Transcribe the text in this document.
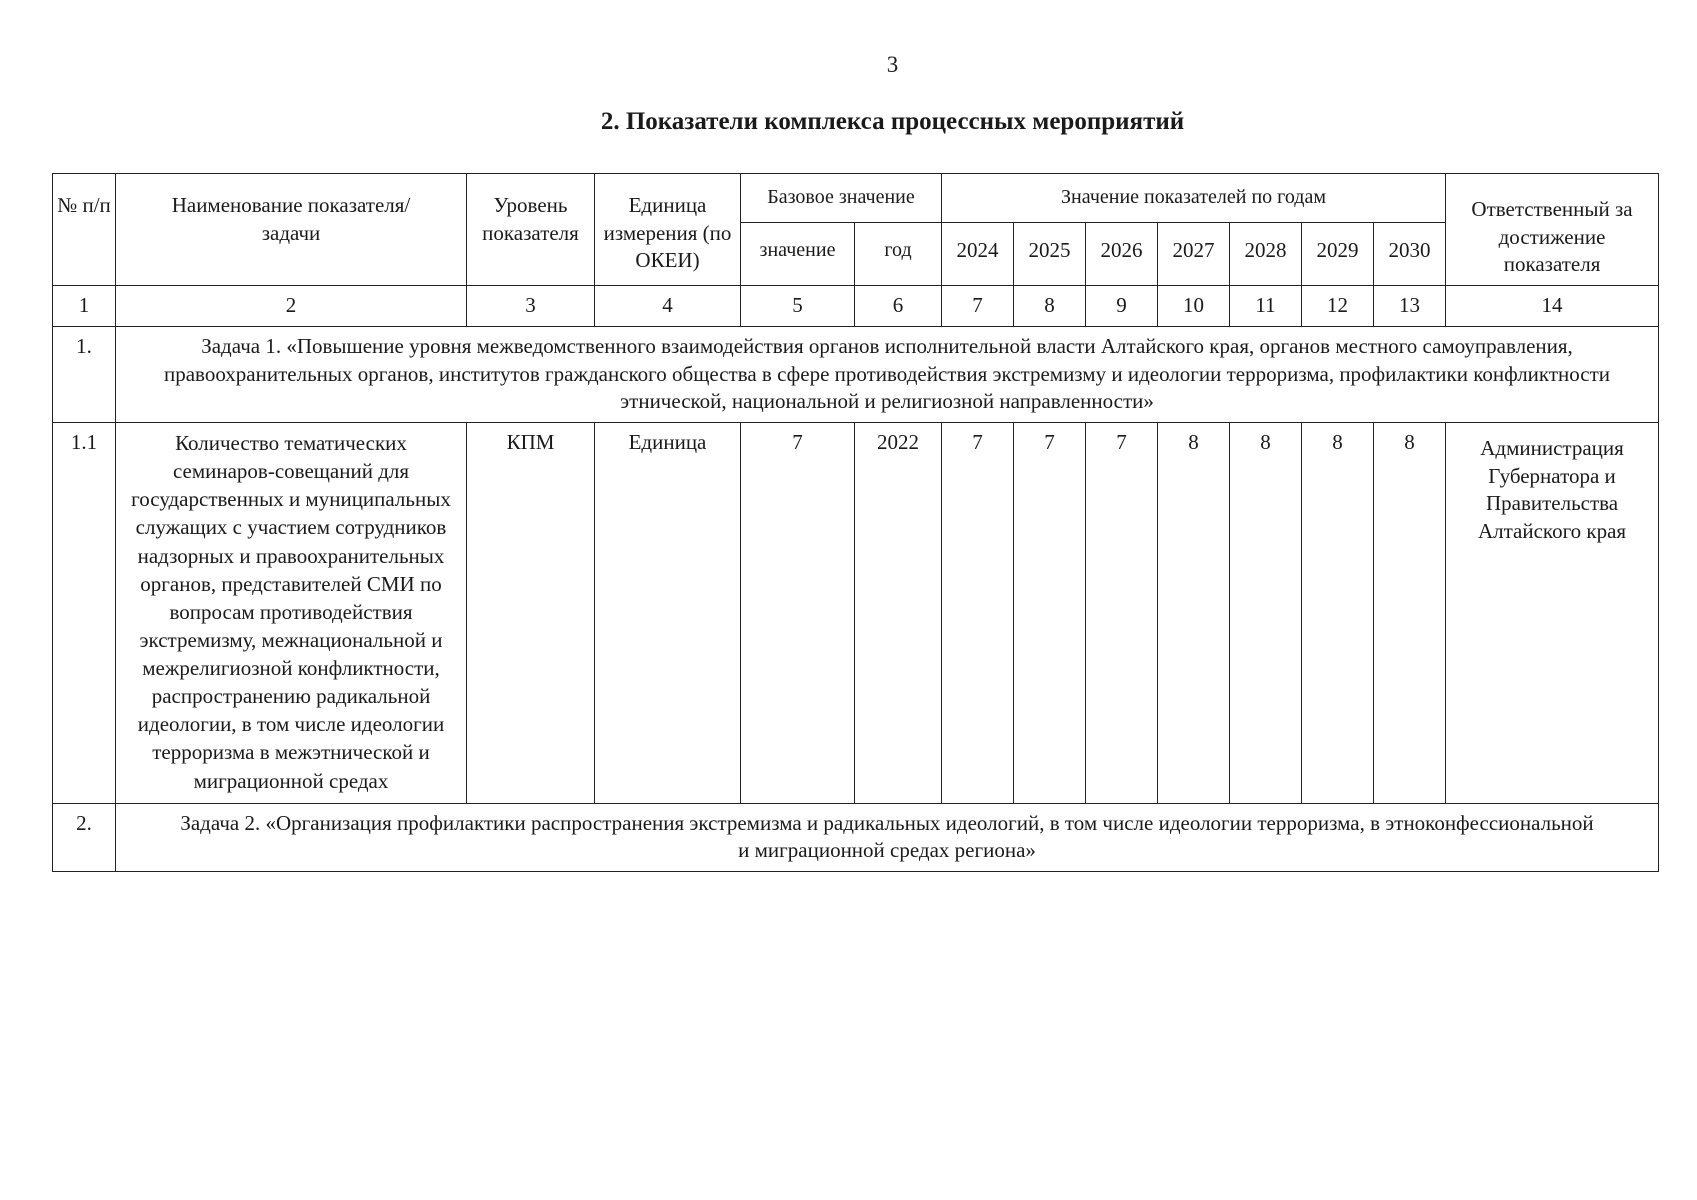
3
2. Показатели комплекса процессных мероприятий
№ п/п	Наименование показателя/ задачи	Уровень показателя	Единица измерения (по ОКЕИ)	Базовое значение		Значение показателей по годам							Ответственный за достижение показателя
				значение	год	2024	2025	2026	2027	2028	2029	2030	
1	2	3	4	5	6	7	8	9	10	11	12	13	14
1.	Задача 1. «Повышение уровня межведомственного взаимодействия органов исполнительной власти Алтайского края, органов местного самоуправления, правоохранительных органов, институтов гражданского общества в сфере противодействия экстремизму и идеологии терроризма, профилактики конфликтности этнической, национальной и религиозной направленности»												
1.1	Количество тематических семинаров-совещаний для государственных и муниципальных служащих с участием сотрудников надзорных и правоохранительных органов, представителей СМИ по вопросам противодействия экстремизму, межнациональной и межрелигиозной конфликтности, распространению радикальной идеологии, в том числе идеологии терроризма в межэтнической и миграционной средах	КПМ	Единица	7	2022	7	7	7	8	8	8	8	Администрация Губернатора и Правительства Алтайского края
2.	Задача 2. «Организация профилактики распространения экстремизма и радикальных идеологий, в том числе идеологии терроризма, в этноконфессиональной и миграционной средах региона»												
